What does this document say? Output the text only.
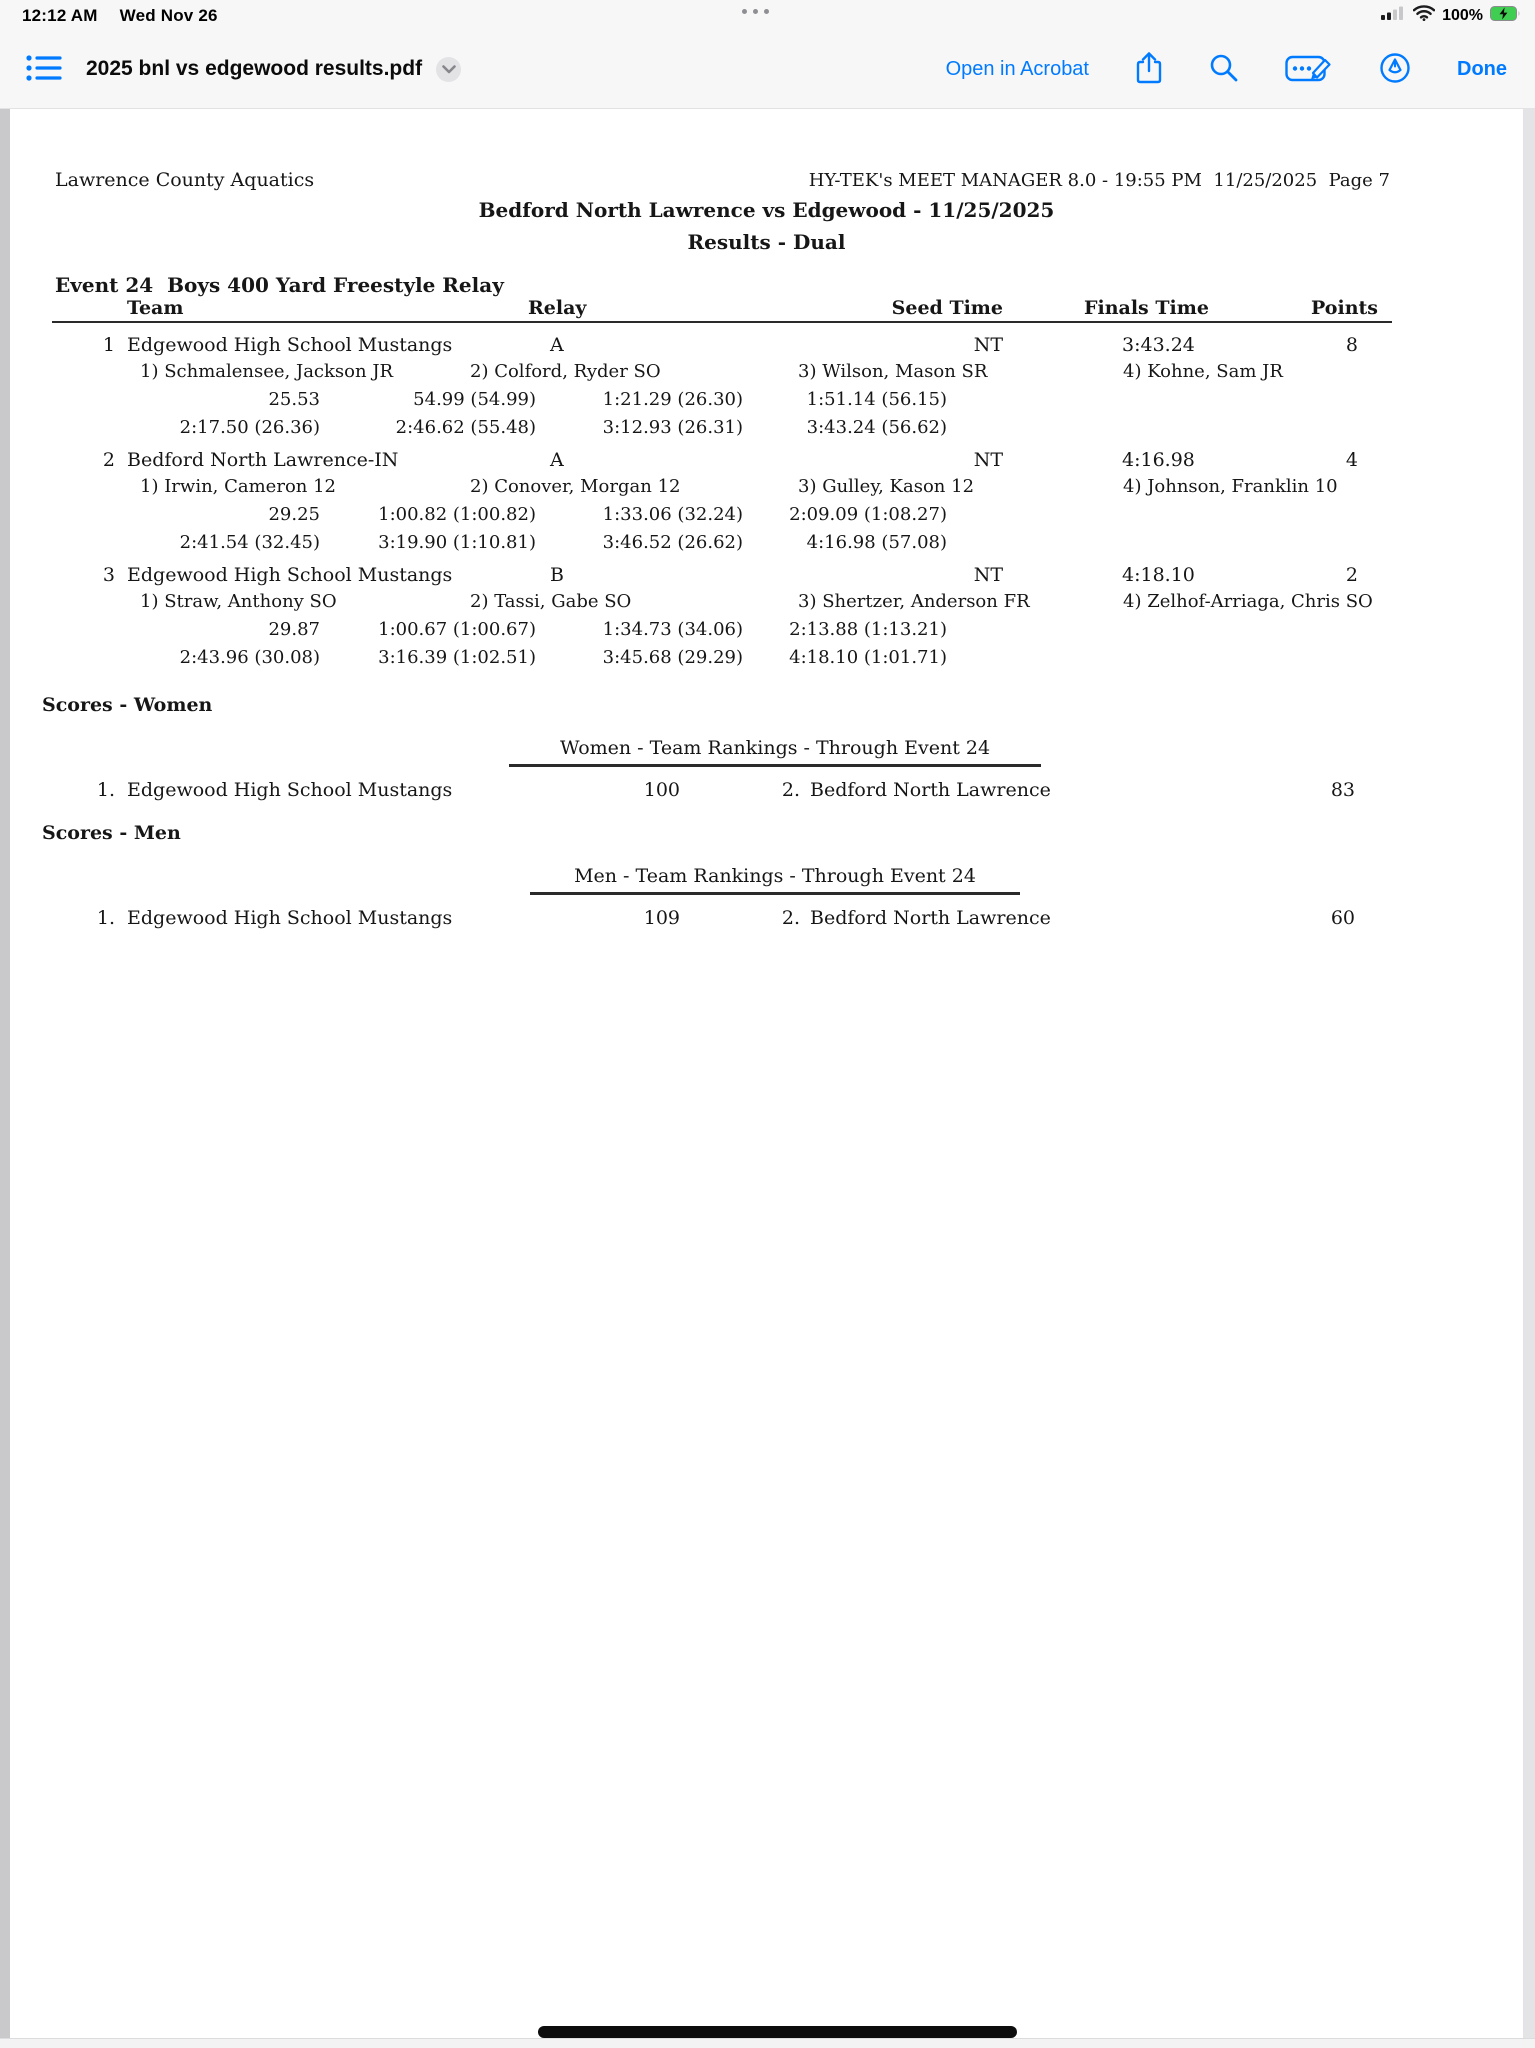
12:12 AM Wed Nov 26	100%
2025 bnl vs edgewood results.pdf	Open in Acrobat	Done
Lawrence County Aquatics	HY-TEK's MEET MANAGER 8.0 - 19:55 PM  11/25/2025  Page 7
Bedford North Lawrence vs Edgewood - 11/25/2025
Results - Dual
Event 24  Boys 400 Yard Freestyle Relay
Team	Relay	Seed Time	Finals Time	Points
1 Edgewood High School Mustangs	A	NT	3:43.24	8
1) Schmalensee, Jackson JR	2) Colford, Ryder SO	3) Wilson, Mason SR	4) Kohne, Sam JR
25.53	54.99 (54.99)	1:21.29 (26.30)	1:51.14 (56.15)
2:17.50 (26.36)	2:46.62 (55.48)	3:12.93 (26.31)	3:43.24 (56.62)
2 Bedford North Lawrence-IN	A	NT	4:16.98	4
1) Irwin, Cameron 12	2) Conover, Morgan 12	3) Gulley, Kason 12	4) Johnson, Franklin 10
29.25	1:00.82 (1:00.82)	1:33.06 (32.24)	2:09.09 (1:08.27)
2:41.54 (32.45)	3:19.90 (1:10.81)	3:46.52 (26.62)	4:16.98 (57.08)
3 Edgewood High School Mustangs	B	NT	4:18.10	2
1) Straw, Anthony SO	2) Tassi, Gabe SO	3) Shertzer, Anderson FR	4) Zelhof-Arriaga, Chris SO
29.87	1:00.67 (1:00.67)	1:34.73 (34.06)	2:13.88 (1:13.21)
2:43.96 (30.08)	3:16.39 (1:02.51)	3:45.68 (29.29)	4:18.10 (1:01.71)
Scores - Women
Women - Team Rankings - Through Event 24
1. Edgewood High School Mustangs	100	2. Bedford North Lawrence	83
Scores - Men
Men - Team Rankings - Through Event 24
1. Edgewood High School Mustangs	109	2. Bedford North Lawrence	60
